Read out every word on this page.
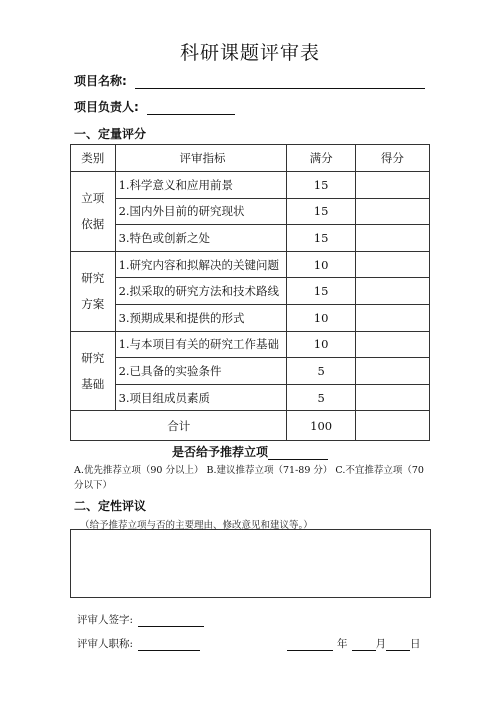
科研课题评审表
项目名称:
项目负责人:
一、定量评分
类别	评审指标	满分	得分

立项
依据	1.科学意义和应用前景	15	
	2.国内外目前的研究现状	15	
	3.特色或创新之处	15	

研究
方案	1.研究内容和拟解决的关键问题	10	
	2.拟采取的研究方法和技术路线	15	
	3.预期成果和提供的形式	10	

研究
基础	1.与本项目有关的研究工作基础	10	
	2.已具备的实验条件	5	
	3.项目组成员素质	5	
合计		100	
是否给予推荐立项
A.优先推荐立项（90 分以上） B.建议推荐立项（71-89 分） C.不宜推荐立项（70 分以下）
二、定性评议
（给予推荐立项与否的主要理由、修改意见和建议等。）
评审人签字:
评审人职称:	年	月 日
